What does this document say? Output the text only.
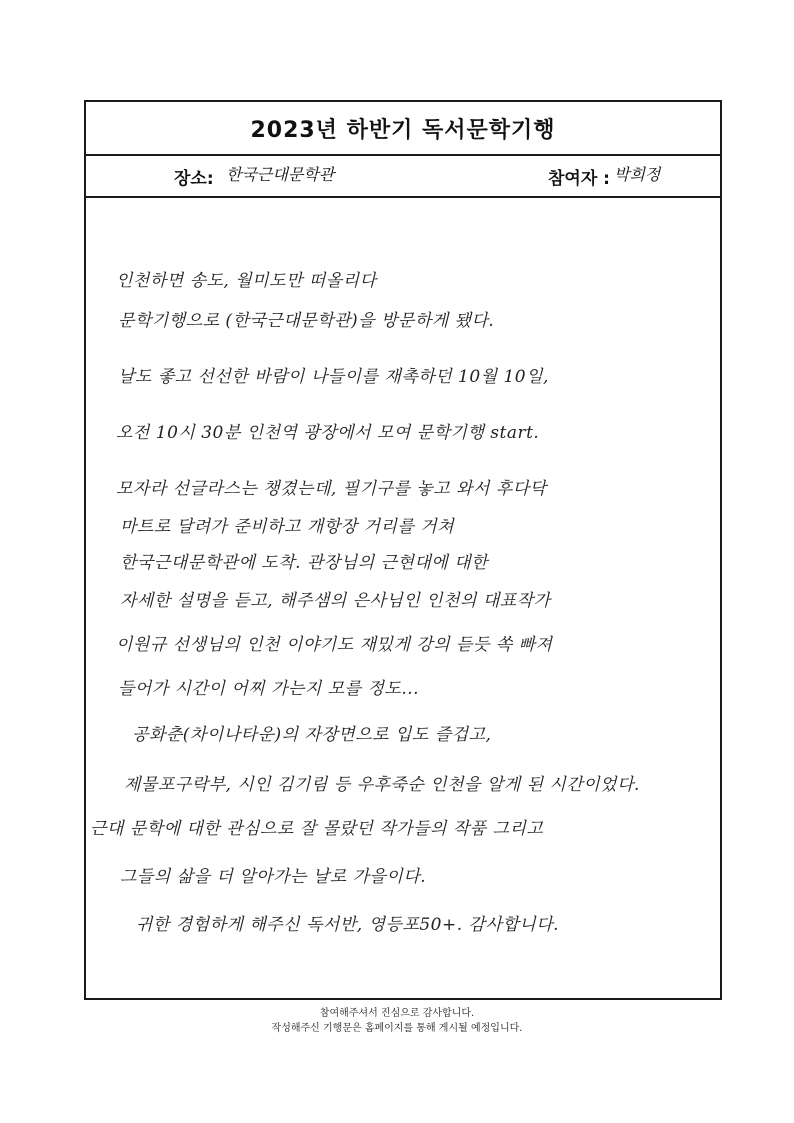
2023년 하반기 독서문학기행
장소: 한국근대문학관	참여자 : 박희정
인천하면 송도, 월미도만 떠올리다
문학기행으로 (한국근대문학관)을 방문하게 됐다.
날도 좋고 선선한 바람이 나들이를 재촉하던 10월 10일,
오전 10시 30분 인천역 광장에서 모여 문학기행 start.
모자라 선글라스는 챙겼는데, 필기구를 놓고 와서 후다닥
마트로 달려가 준비하고 개항장 거리를 거쳐
한국근대문학관에 도착. 관장님의 근현대에 대한
자세한 설명을 듣고, 해주샘의 은사님인 인천의 대표작가
이원규 선생님의 인천 이야기도 재밌게 강의 듣듯 쏙 빠져
들어가 시간이 어찌 가는지 모를 정도...
공화춘(차이나타운)의 자장면으로 입도 즐겁고,
제물포구락부, 시인 김기림 등 우후죽순 인천을 알게 된 시간이었다.
근대 문학에 대한 관심으로 잘 몰랐던 작가들의 작품 그리고
그들의 삶을 더 알아가는 날로 가을이다.
귀한 경험하게 해주신 독서반, 영등포50+. 감사합니다.
참여해주셔서 진심으로 감사합니다.
작성해주신 기행문은 홈페이지를 통해 게시될 예정입니다.
